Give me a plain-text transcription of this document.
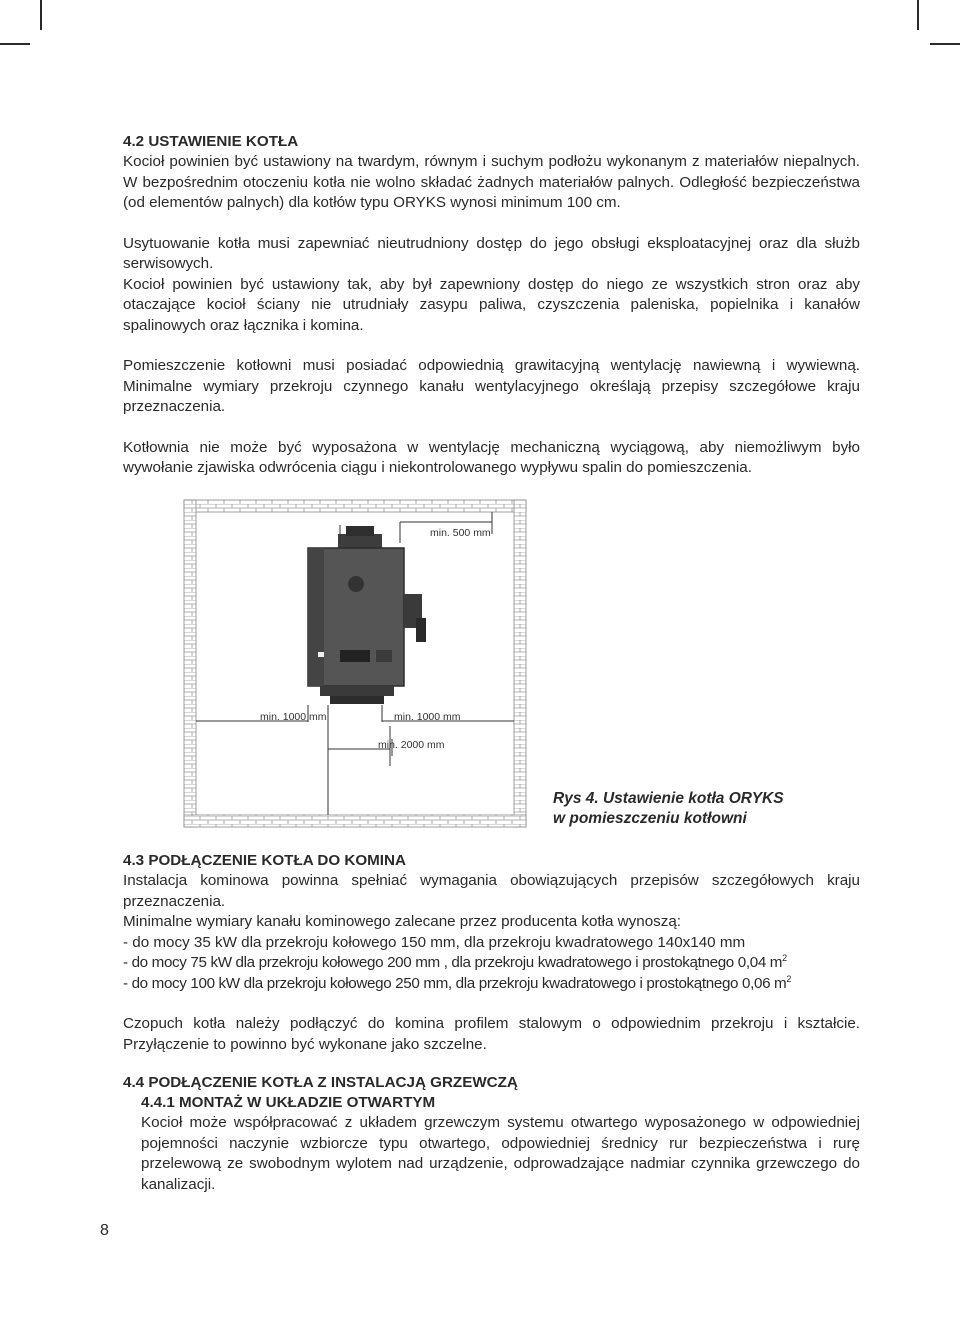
4.2 USTAWIENIE KOTŁA

Kocioł powinien być ustawiony na twardym, równym i suchym podłożu wykonanym z materiałów niepalnych. W bezpośrednim otoczeniu kotła nie wolno składać żadnych materiałów palnych. Odległość bezpieczeństwa (od elementów palnych) dla kotłów typu ORYKS wynosi minimum 100 cm.

Usytuowanie kotła musi zapewniać nieutrudniony dostęp do jego obsługi eksploatacyjnej oraz dla służb serwisowych.

Kocioł powinien być ustawiony tak, aby był zapewniony dostęp do niego ze wszystkich stron oraz aby otaczające kocioł ściany nie utrudniały zasypu paliwa, czyszczenia paleniska, popielnika i kanałów spalinowych oraz łącznika i komina.

Pomieszczenie kotłowni musi posiadać odpowiednią grawitacyjną wentylację nawiewną i wywiewną. Minimalne wymiary przekroju czynnego kanału wentylacyjnego określają przepisy szczegółowe kraju przeznaczenia.

Kotłownia nie może być wyposażona w wentylację mechaniczną wyciągową, aby niemożliwym było wywołanie zjawiska odwrócenia ciągu i niekontrolowanego wypływu spalin do pomieszczenia.

min. 500 mm
min. 1000 mm	min. 1000 mm
min. 2000 mm
Rys 4. Ustawienie kotła ORYKS
w pomieszczeniu kotłowni

4.3 PODŁĄCZENIE KOTŁA DO KOMINA

Instalacja kominowa powinna spełniać wymagania obowiązujących przepisów szczegółowych kraju przeznaczenia.

Minimalne wymiary kanału kominowego zalecane przez producenta kotła wynoszą:

- do mocy 35 kW dla przekroju kołowego 150 mm, dla przekroju kwadratowego 140x140 mm

- do mocy 75 kW dla przekroju kołowego 200 mm , dla przekroju kwadratowego i prostokątnego 0,04 $m^2$

- do mocy 100 kW dla przekroju kołowego 250 mm, dla przekroju kwadratowego i prostokątnego 0,06 $m^2$

Czopuch kotła należy podłączyć do komina profilem stalowym o odpowiednim przekroju i kształcie. Przyłączenie to powinno być wykonane jako szczelne.

4.4 PODŁĄCZENIE KOTŁA Z INSTALACJĄ GRZEWCZĄ

4.4.1 MONTAŻ W UKŁADZIE OTWARTYM

Kocioł może współpracować z układem grzewczym systemu otwartego wyposażonego w odpowiedniej pojemności naczynie wzbiorcze typu otwartego, odpowiedniej średnicy rur bezpieczeństwa i rurę przelewową ze swobodnym wylotem nad urządzenie, odprowadzające nadmiar czynnika grzewczego do kanalizacji.

8
